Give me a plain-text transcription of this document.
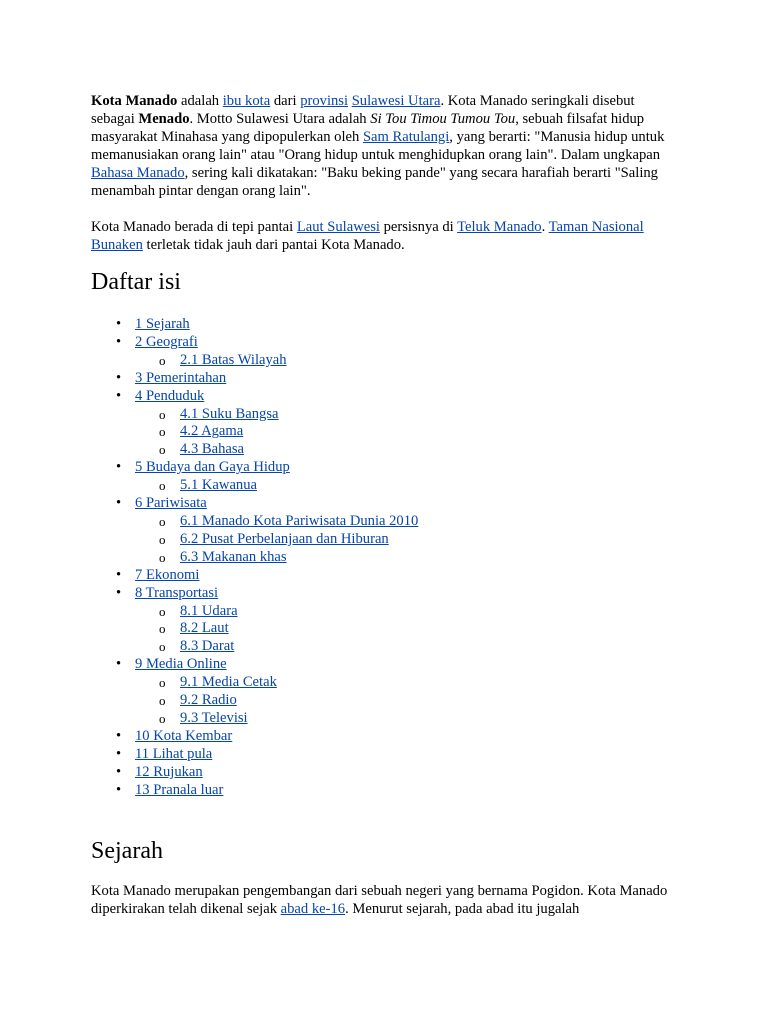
Kota Manado adalah ibu kota dari provinsi Sulawesi Utara. Kota Manado seringkali disebut sebagai Menado. Motto Sulawesi Utara adalah Si Tou Timou Tumou Tou, sebuah filsafat hidup masyarakat Minahasa yang dipopulerkan oleh Sam Ratulangi, yang berarti: "Manusia hidup untuk memanusiakan orang lain" atau "Orang hidup untuk menghidupkan orang lain". Dalam ungkapan Bahasa Manado, sering kali dikatakan: "Baku beking pande" yang secara harafiah berarti "Saling menambah pintar dengan orang lain".

Kota Manado berada di tepi pantai Laut Sulawesi persisnya di Teluk Manado. Taman Nasional Bunaken terletak tidak jauh dari pantai Kota Manado.

Daftar isi
• 1 Sejarah
• 2 Geografi
o 2.1 Batas Wilayah
• 3 Pemerintahan
• 4 Penduduk
o 4.1 Suku Bangsa
o 4.2 Agama
o 4.3 Bahasa
• 5 Budaya dan Gaya Hidup
o 5.1 Kawanua
• 6 Pariwisata
o 6.1 Manado Kota Pariwisata Dunia 2010
o 6.2 Pusat Perbelanjaan dan Hiburan
o 6.3 Makanan khas
• 7 Ekonomi
• 8 Transportasi
o 8.1 Udara
o 8.2 Laut
o 8.3 Darat
• 9 Media Online
o 9.1 Media Cetak
o 9.2 Radio
o 9.3 Televisi
• 10 Kota Kembar
• 11 Lihat pula
• 12 Rujukan
• 13 Pranala luar
Sejarah

Kota Manado merupakan pengembangan dari sebuah negeri yang bernama Pogidon. Kota Manado diperkirakan telah dikenal sejak abad ke-16. Menurut sejarah, pada abad itu jugalah
